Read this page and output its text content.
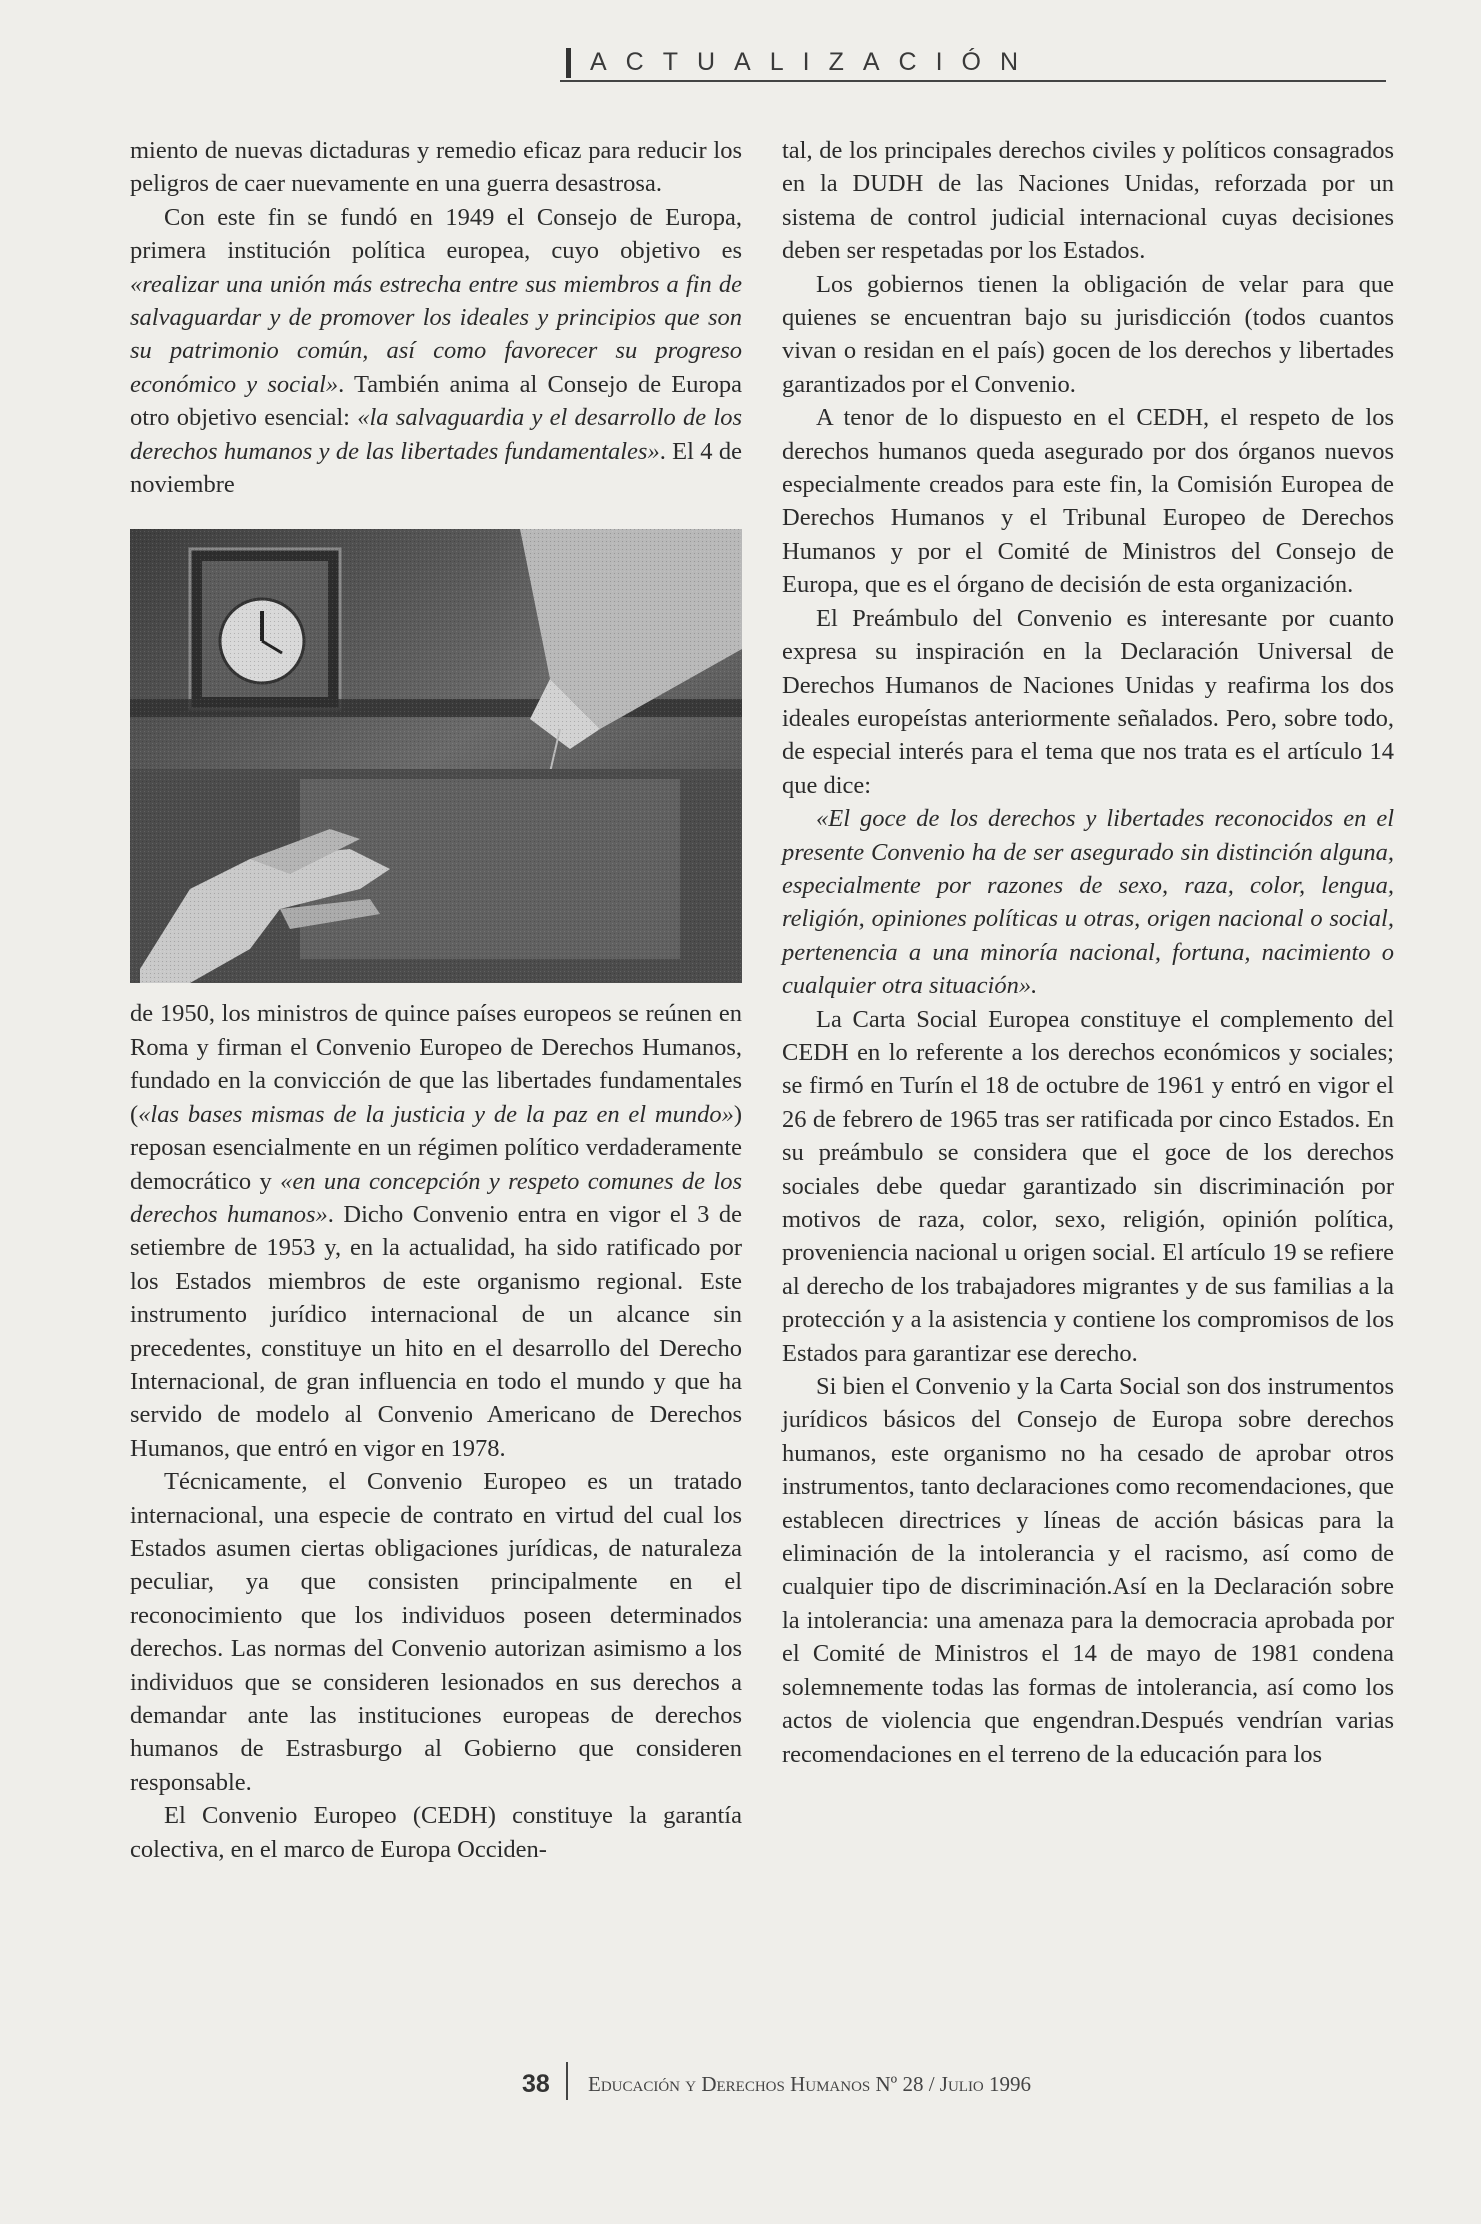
ACTUALIZACIÓN

miento de nuevas dictaduras y remedio eficaz para reducir los peligros de caer nuevamente en una guerra desastrosa.

Con este fin se fundó en 1949 el Consejo de Europa, primera institución política europea, cuyo objetivo es «realizar una unión más estrecha entre sus miembros a fin de salvaguardar y de promover los ideales y principios que son su patrimonio común, así como favorecer su progreso económico y social». También anima al Consejo de Europa otro objetivo esencial: «la salvaguardia y el desarrollo de los derechos humanos y de las libertades fundamentales». El 4 de noviembre

de 1950, los ministros de quince países europeos se reúnen en Roma y firman el Convenio Europeo de Derechos Humanos, fundado en la convicción de que las libertades fundamentales («las bases mismas de la justicia y de la paz en el mundo») reposan esencialmente en un régimen político verdaderamente democrático y «en una concepción y respeto comunes de los derechos humanos». Dicho Convenio entra en vigor el 3 de setiembre de 1953 y, en la actualidad, ha sido ratificado por los Estados miembros de este organismo regional. Este instrumento jurídico internacional de un alcance sin precedentes, constituye un hito en el desarrollo del Derecho Internacional, de gran influencia en todo el mundo y que ha servido de modelo al Convenio Americano de Derechos Humanos, que entró en vigor en 1978.

Técnicamente, el Convenio Europeo es un tratado internacional, una especie de contrato en virtud del cual los Estados asumen ciertas obligaciones jurídicas, de naturaleza peculiar, ya que consisten principalmente en el reconocimiento que los individuos poseen determinados derechos. Las normas del Convenio autorizan asimismo a los individuos que se consideren lesionados en sus derechos a demandar ante las instituciones europeas de derechos humanos de Estrasburgo al Gobierno que consideren responsable.

El Convenio Europeo (CEDH) constituye la garantía colectiva, en el marco de Europa Occiden-

tal, de los principales derechos civiles y políticos consagrados en la DUDH de las Naciones Unidas, reforzada por un sistema de control judicial internacional cuyas decisiones deben ser respetadas por los Estados.

Los gobiernos tienen la obligación de velar para que quienes se encuentran bajo su jurisdicción (todos cuantos vivan o residan en el país) gocen de los derechos y libertades garantizados por el Convenio.

A tenor de lo dispuesto en el CEDH, el respeto de los derechos humanos queda asegurado por dos órganos nuevos especialmente creados para este fin, la Comisión Europea de Derechos Humanos y el Tribunal Europeo de Derechos Humanos y por el Comité de Ministros del Consejo de Europa, que es el órgano de decisión de esta organización.

El Preámbulo del Convenio es interesante por cuanto expresa su inspiración en la Declaración Universal de Derechos Humanos de Naciones Unidas y reafirma los dos ideales europeístas anteriormente señalados. Pero, sobre todo, de especial interés para el tema que nos trata es el artículo 14 que dice:

«El goce de los derechos y libertades reconocidos en el presente Convenio ha de ser asegurado sin distinción alguna, especialmente por razones de sexo, raza, color, lengua, religión, opiniones políticas u otras, origen nacional o social, pertenencia a una minoría nacional, fortuna, nacimiento o cualquier otra situación».

La Carta Social Europea constituye el complemento del CEDH en lo referente a los derechos económicos y sociales; se firmó en Turín el 18 de octubre de 1961 y entró en vigor el 26 de febrero de 1965 tras ser ratificada por cinco Estados. En su preámbulo se considera que el goce de los derechos sociales debe quedar garantizado sin discriminación por motivos de raza, color, sexo, religión, opinión política, proveniencia nacional u origen social. El artículo 19 se refiere al derecho de los trabajadores migrantes y de sus familias a la protección y a la asistencia y contiene los compromisos de los Estados para garantizar ese derecho.

Si bien el Convenio y la Carta Social son dos instrumentos jurídicos básicos del Consejo de Europa sobre derechos humanos, este organismo no ha cesado de aprobar otros instrumentos, tanto declaraciones como recomendaciones, que establecen directrices y líneas de acción básicas para la eliminación de la intolerancia y el racismo, así como de cualquier tipo de discriminación.Así en la Declaración sobre la intolerancia: una amenaza para la democracia aprobada por el Comité de Ministros el 14 de mayo de 1981 condena solemnemente todas las formas de intolerancia, así como los actos de violencia que engendran.Después vendrían varias recomendaciones en el terreno de la educación para los

38 Educación y Derechos Humanos Nº 28 / Julio 1996
